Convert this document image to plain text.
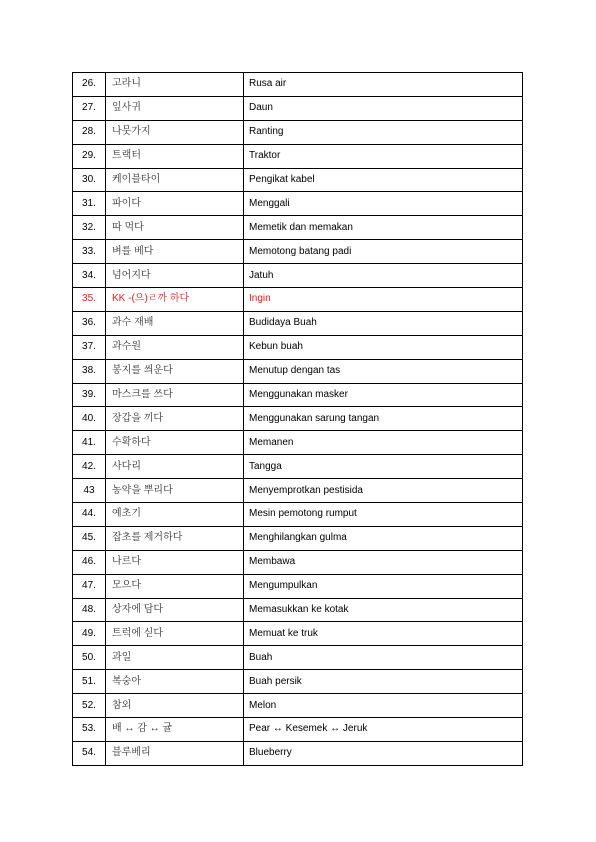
26.	고라니	Rusa air
27.	잎사귀	Daun
28.	나뭇가지	Ranting
29.	트랙터	Traktor
30.	케이블타이	Pengikat kabel
31.	파이다	Menggali
32.	따 먹다	Memetik dan memakan
33.	벼를 베다	Memotong batang padi
34.	넘어지다	Jatuh
35.	KK -(으)ㄹ까 하다	Ingin
36.	과수 재배	Budidaya Buah
37.	과수원	Kebun buah
38.	봉지를 씌운다	Menutup dengan tas
39.	마스크를 쓰다	Menggunakan masker
40.	장갑을 끼다	Menggunakan sarung tangan
41.	수확하다	Memanen
42.	사다리	Tangga
43	농약을 뿌리다	Menyemprotkan pestisida
44.	예초기	Mesin pemotong rumput
45.	잡초를 제거하다	Menghilangkan gulma
46.	나르다	Membawa
47.	모으다	Mengumpulkan
48.	상자에 담다	Memasukkan ke kotak
49.	트럭에 싣다	Memuat ke truk
50.	과일	Buah
51.	복숭아	Buah persik
52.	참외	Melon
53.	배 ↔ 감 ↔ 귤	Pear ↔ Kesemek ↔ Jeruk
54.	블루베리	Blueberry
